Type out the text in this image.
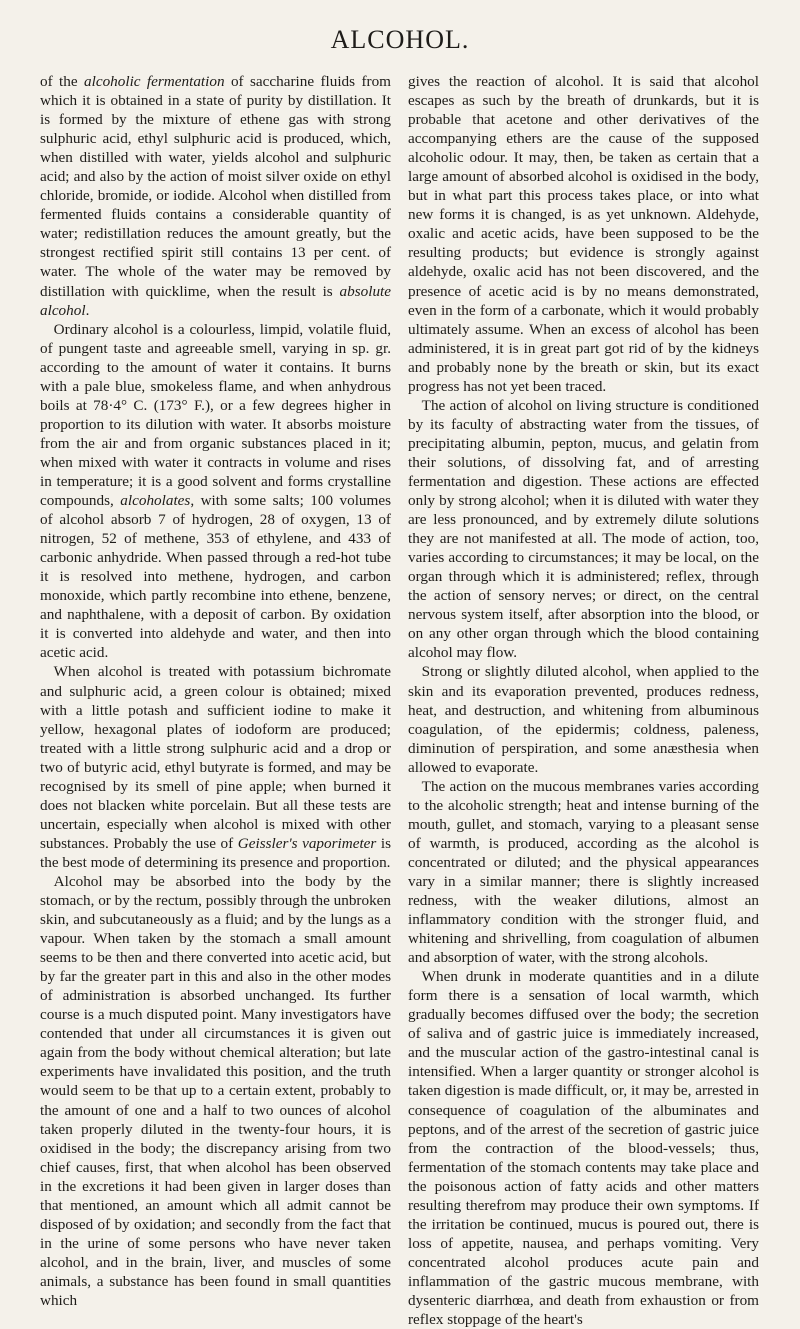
ALCOHOL.

of the alcoholic fermentation of saccharine fluids from which it is obtained in a state of purity by distillation. It is formed by the mixture of ethene gas with strong sulphuric acid, ethyl sulphuric acid is produced, which, when distilled with water, yields alcohol and sulphuric acid; and also by the action of moist silver oxide on ethyl chloride, bromide, or iodide. Alcohol when distilled from fermented fluids contains a considerable quantity of water; redistillation reduces the amount greatly, but the strongest rectified spirit still contains 13 per cent. of water. The whole of the water may be removed by distillation with quicklime, when the result is absolute alcohol.

Ordinary alcohol is a colourless, limpid, volatile fluid, of pungent taste and agreeable smell, varying in sp. gr. according to the amount of water it contains. It burns with a pale blue, smokeless flame, and when anhydrous boils at 78·4° C. (173° F.), or a few degrees higher in proportion to its dilution with water. It absorbs moisture from the air and from organic substances placed in it; when mixed with water it contracts in volume and rises in temperature; it is a good solvent and forms crystalline compounds, alcoholates, with some salts; 100 volumes of alcohol absorb 7 of hydrogen, 28 of oxygen, 13 of nitrogen, 52 of methene, 353 of ethylene, and 433 of carbonic anhydride. When passed through a red-hot tube it is resolved into methene, hydrogen, and carbon monoxide, which partly recombine into ethene, benzene, and naphthalene, with a deposit of carbon. By oxidation it is converted into aldehyde and water, and then into acetic acid.

When alcohol is treated with potassium bichromate and sulphuric acid, a green colour is obtained; mixed with a little potash and sufficient iodine to make it yellow, hexagonal plates of iodoform are produced; treated with a little strong sulphuric acid and a drop or two of butyric acid, ethyl butyrate is formed, and may be recognised by its smell of pine apple; when burned it does not blacken white porcelain. But all these tests are uncertain, especially when alcohol is mixed with other substances. Probably the use of Geissler's vaporimeter is the best mode of determining its presence and proportion.

Alcohol may be absorbed into the body by the stomach, or by the rectum, possibly through the unbroken skin, and subcutaneously as a fluid; and by the lungs as a vapour. When taken by the stomach a small amount seems to be then and there converted into acetic acid, but by far the greater part in this and also in the other modes of administration is absorbed unchanged. Its further course is a much disputed point. Many investigators have contended that under all circumstances it is given out again from the body without chemical alteration; but late experiments have invalidated this position, and the truth would seem to be that up to a certain extent, probably to the amount of one and a half to two ounces of alcohol taken properly diluted in the twenty-four hours, it is oxidised in the body; the discrepancy arising from two chief causes, first, that when alcohol has been observed in the excretions it had been given in larger doses than that mentioned, an amount which all admit cannot be disposed of by oxidation; and secondly from the fact that in the urine of some persons who have never taken alcohol, and in the brain, liver, and muscles of some animals, a substance has been found in small quantities which

gives the reaction of alcohol. It is said that alcohol escapes as such by the breath of drunkards, but it is probable that acetone and other derivatives of the accompanying ethers are the cause of the supposed alcoholic odour. It may, then, be taken as certain that a large amount of absorbed alcohol is oxidised in the body, but in what part this process takes place, or into what new forms it is changed, is as yet unknown. Aldehyde, oxalic and acetic acids, have been supposed to be the resulting products; but evidence is strongly against aldehyde, oxalic acid has not been discovered, and the presence of acetic acid is by no means demonstrated, even in the form of a carbonate, which it would probably ultimately assume. When an excess of alcohol has been administered, it is in great part got rid of by the kidneys and probably none by the breath or skin, but its exact progress has not yet been traced.

The action of alcohol on living structure is conditioned by its faculty of abstracting water from the tissues, of precipitating albumin, pepton, mucus, and gelatin from their solutions, of dissolving fat, and of arresting fermentation and digestion. These actions are effected only by strong alcohol; when it is diluted with water they are less pronounced, and by extremely dilute solutions they are not manifested at all. The mode of action, too, varies according to circumstances; it may be local, on the organ through which it is administered; reflex, through the action of sensory nerves; or direct, on the central nervous system itself, after absorption into the blood, or on any other organ through which the blood containing alcohol may flow.

Strong or slightly diluted alcohol, when applied to the skin and its evaporation prevented, produces redness, heat, and destruction, and whitening from albuminous coagulation, of the epidermis; coldness, paleness, diminution of perspiration, and some anæsthesia when allowed to evaporate.

The action on the mucous membranes varies according to the alcoholic strength; heat and intense burning of the mouth, gullet, and stomach, varying to a pleasant sense of warmth, is produced, according as the alcohol is concentrated or diluted; and the physical appearances vary in a similar manner; there is slightly increased redness, with the weaker dilutions, almost an inflammatory condition with the stronger fluid, and whitening and shrivelling, from coagulation of albumen and absorption of water, with the strong alcohols.

When drunk in moderate quantities and in a dilute form there is a sensation of local warmth, which gradually becomes diffused over the body; the secretion of saliva and of gastric juice is immediately increased, and the muscular action of the gastro-intestinal canal is intensified. When a larger quantity or stronger alcohol is taken digestion is made difficult, or, it may be, arrested in consequence of coagulation of the albuminates and peptons, and of the arrest of the secretion of gastric juice from the contraction of the blood-vessels; thus, fermentation of the stomach contents may take place and the poisonous action of fatty acids and other matters resulting therefrom may produce their own symptoms. If the irritation be continued, mucus is poured out, there is loss of appetite, nausea, and perhaps vomiting. Very concentrated alcohol produces acute pain and inflammation of the gastric mucous membrane, with dysenteric diarrhœa, and death from exhaustion or from reflex stoppage of the heart's
